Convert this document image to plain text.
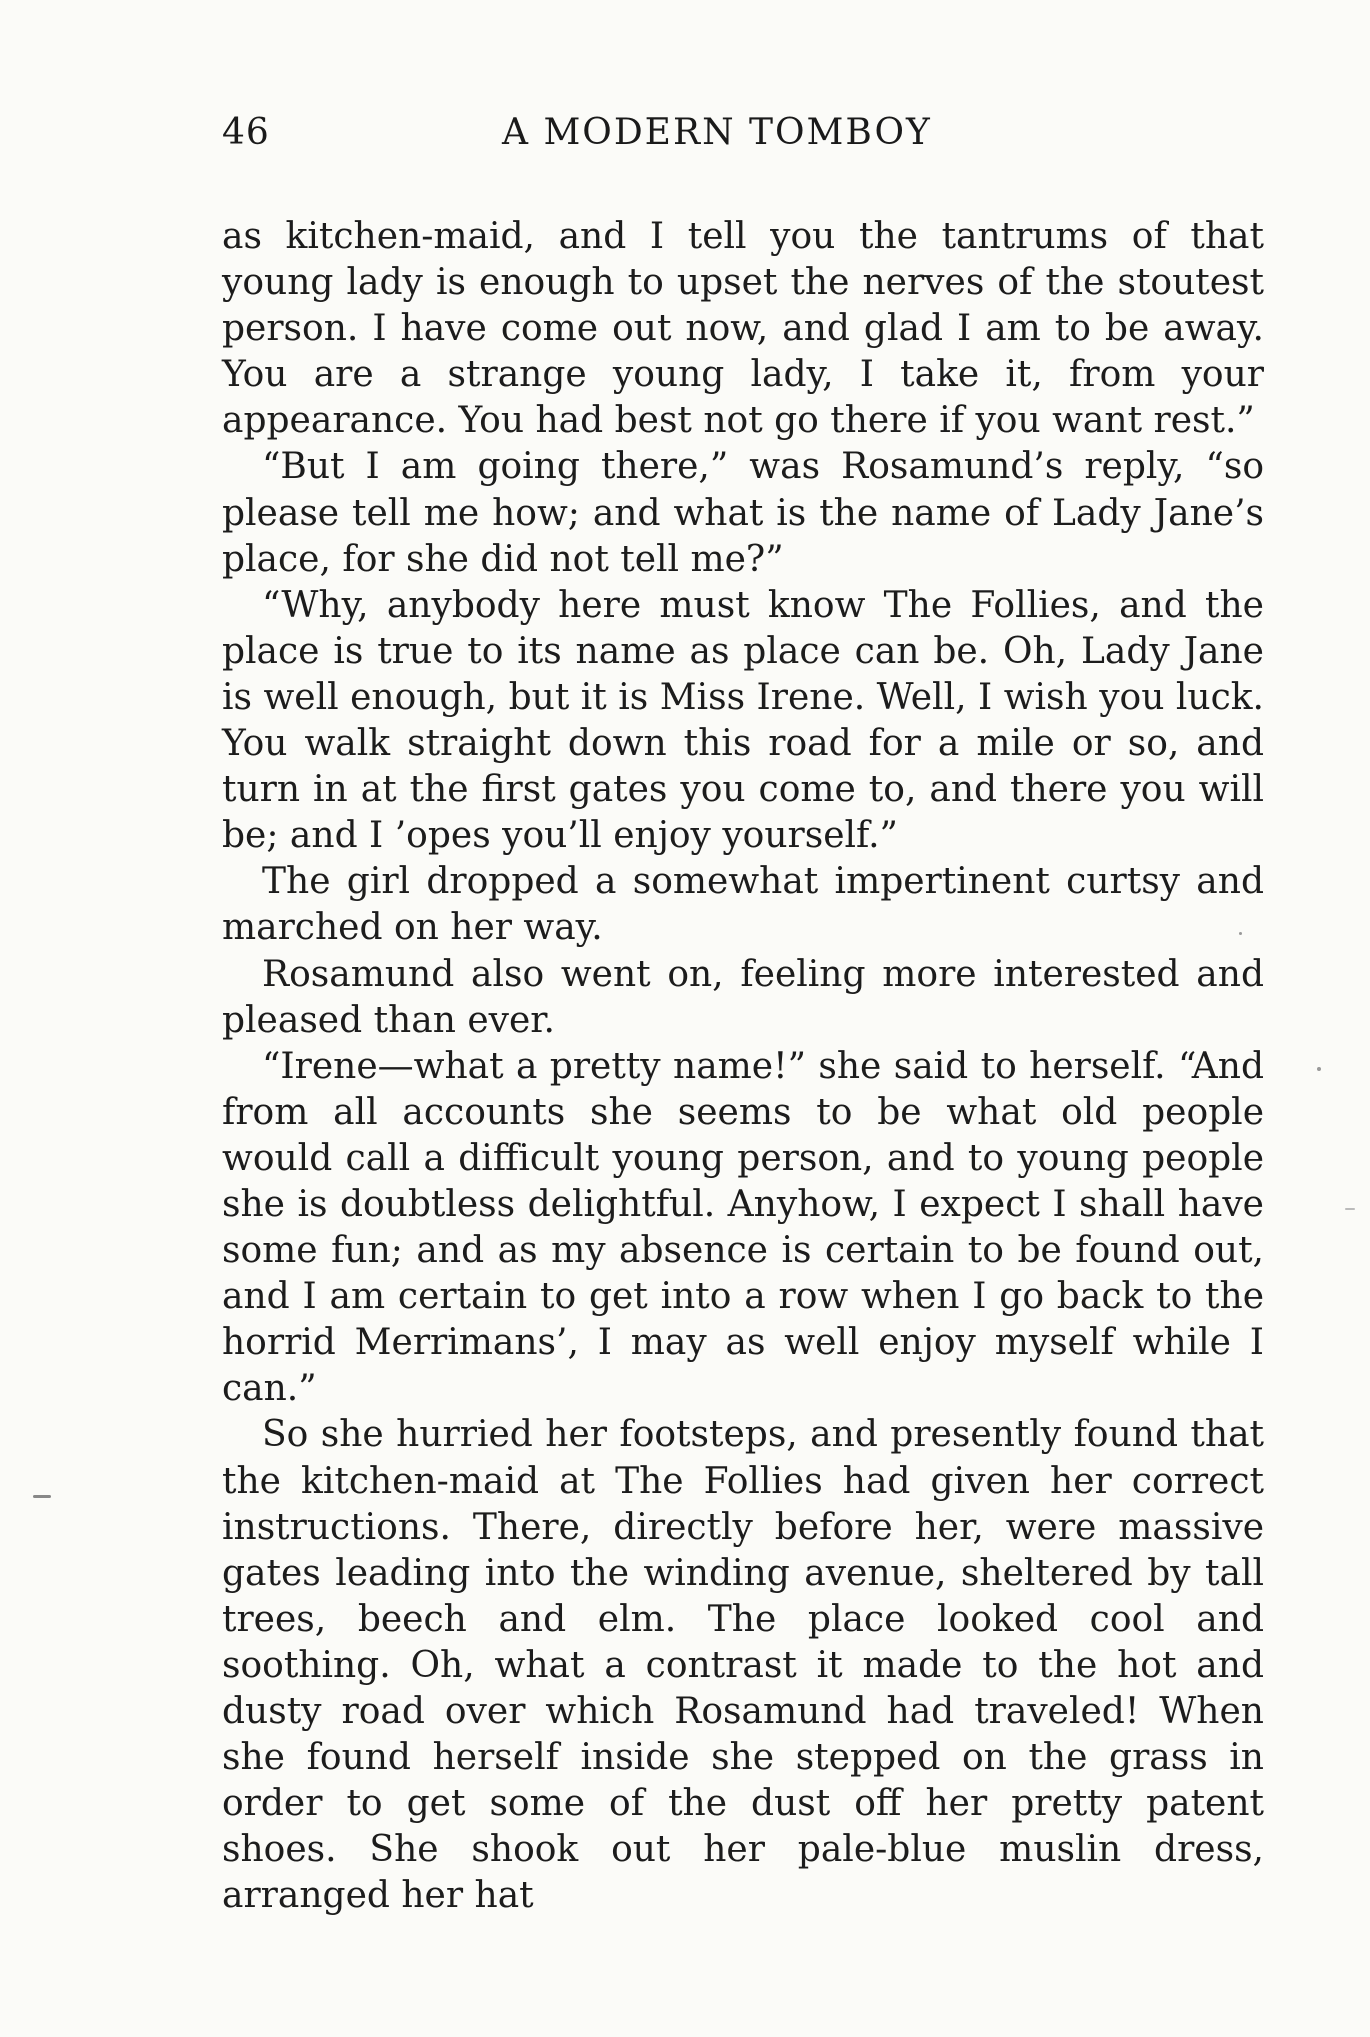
46	A MODERN TOMBOY

as kitchen-maid, and I tell you the tantrums of that young lady is enough to upset the nerves of the stoutest person. I have come out now, and glad I am to be away. You are a strange young lady, I take it, from your appearance. You had best not go there if you want rest.”

“But I am going there,” was Rosamund’s reply, “so please tell me how; and what is the name of Lady Jane’s place, for she did not tell me?”

“Why, anybody here must know The Follies, and the place is true to its name as place can be. Oh, Lady Jane is well enough, but it is Miss Irene. Well, I wish you luck. You walk straight down this road for a mile or so, and turn in at the first gates you come to, and there you will be; and I ’opes you’ll enjoy yourself.”

The girl dropped a somewhat impertinent curtsy and marched on her way.

Rosamund also went on, feeling more interested and pleased than ever.

“Irene—what a pretty name!” she said to herself. “And from all accounts she seems to be what old people would call a difficult young person, and to young people she is doubtless delightful. Anyhow, I expect I shall have some fun; and as my absence is certain to be found out, and I am certain to get into a row when I go back to the horrid Merrimans’, I may as well enjoy myself while I can.”

So she hurried her footsteps, and presently found that the kitchen-maid at The Follies had given her correct instructions. There, directly before her, were massive gates leading into the winding avenue, sheltered by tall trees, beech and elm. The place looked cool and soothing. Oh, what a contrast it made to the hot and dusty road over which Rosamund had traveled! When she found herself inside she stepped on the grass in order to get some of the dust off her pretty patent shoes. She shook out her pale-blue muslin dress, arranged her hat
